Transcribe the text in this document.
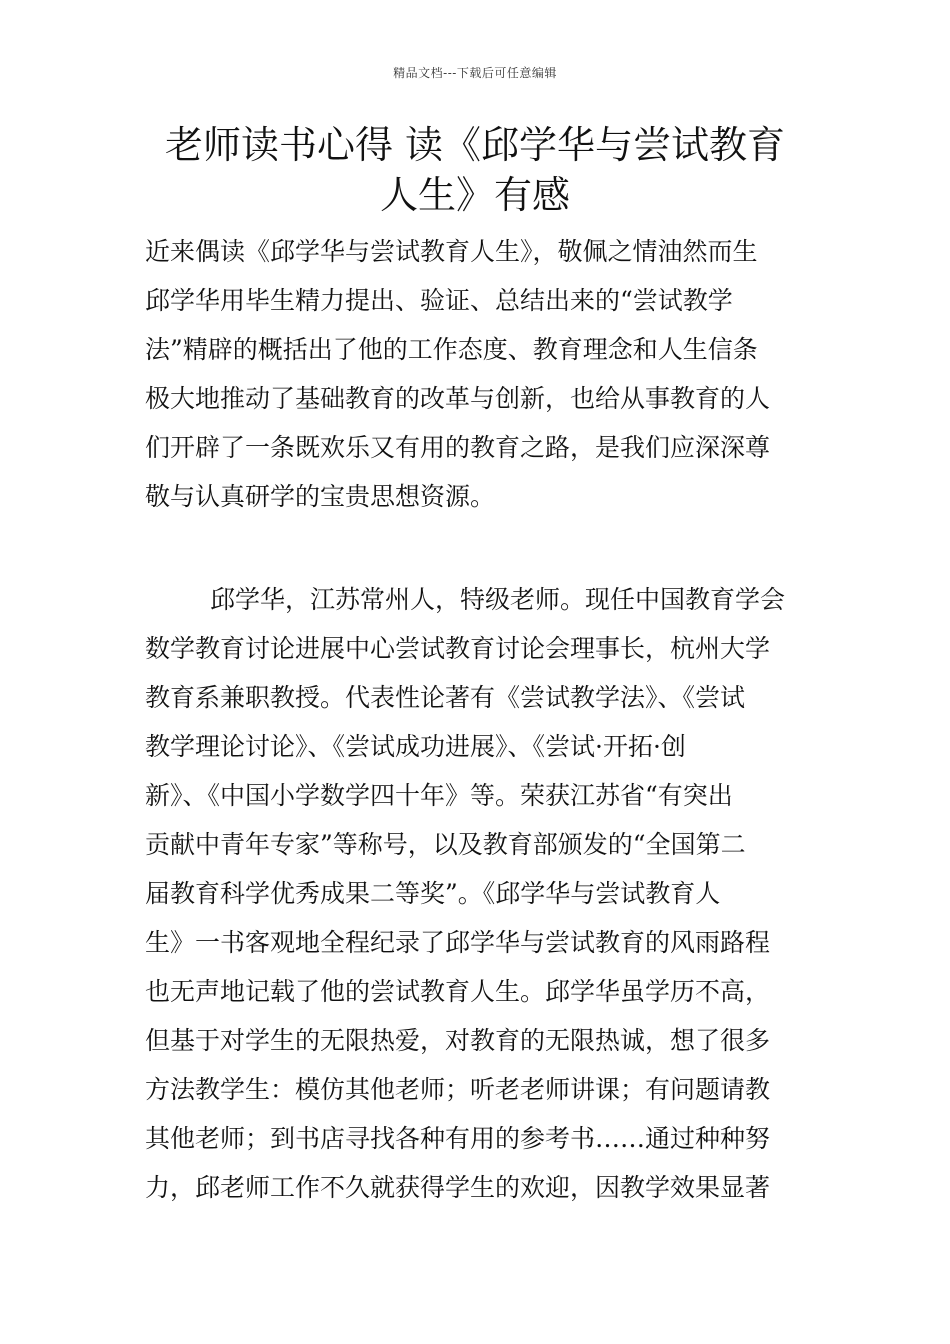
精品文档---下载后可任意编辑
老师读书心得 读《邱学华与尝试教育
人生》有感
近来偶读《邱学华与尝试教育人生》，敬佩之情油然而生
邱学华用毕生精力提出、验证、总结出来的“尝试教学
法”精辟的概括出了他的工作态度、教育理念和人生信条
极大地推动了基础教育的改革与创新，也给从事教育的人
们开辟了一条既欢乐又有用的教育之路，是我们应深深尊
敬与认真研学的宝贵思想资源。
邱学华，江苏常州人，特级老师。现任中国教育学会
数学教育讨论进展中心尝试教育讨论会理事长，杭州大学
教育系兼职教授。代表性论著有《尝试教学法》、《尝试
教学理论讨论》、《尝试成功进展》、《尝试·开拓·创
新》、《中国小学数学四十年》等。荣获江苏省“有突出
贡献中青年专家”等称号，以及教育部颁发的“全国第二
届教育科学优秀成果二等奖”。《邱学华与尝试教育人
生》一书客观地全程纪录了邱学华与尝试教育的风雨路程
也无声地记载了他的尝试教育人生。邱学华虽学历不高，
但基于对学生的无限热爱，对教育的无限热诚，想了很多
方法教学生：模仿其他老师；听老老师讲课；有问题请教
其他老师；到书店寻找各种有用的参考书……通过种种努
力，邱老师工作不久就获得学生的欢迎，因教学效果显著
